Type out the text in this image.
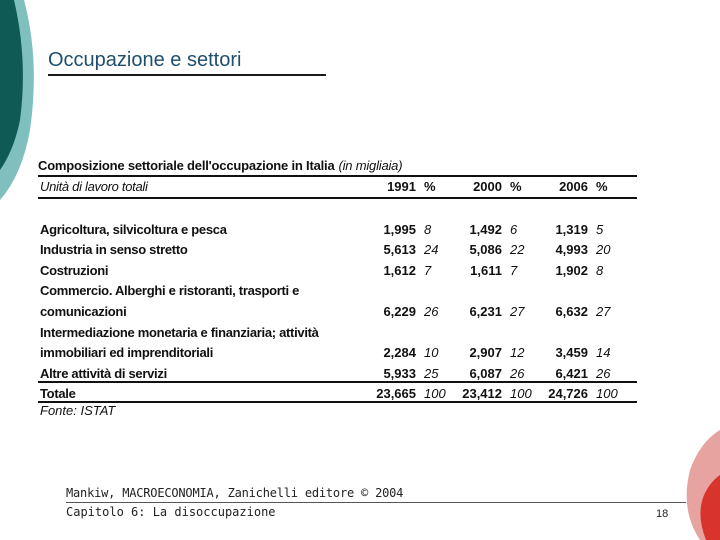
Occupazione e settori
Composizione settoriale dell'occupazione in Italia (in migliaia)
Unità di lavoro totali	1991	%	2000	%	2006	%

Agricoltura, silvicoltura e pesca	1,995	8	1,492	6	1,319	5
Industria in senso stretto	5,613	24	5,086	22	4,993	20
Costruzioni	1,612	7	1,611	7	1,902	8
Commercio. Alberghi e ristoranti, trasporti e						
comunicazioni	6,229	26	6,231	27	6,632	27
Intermediazione monetaria e finanziaria; attività						
immobiliari ed imprenditoriali	2,284	10	2,907	12	3,459	14
Altre attività di servizi	5,933	25	6,087	26	6,421	26
Totale	23,665	100	23,412	100	24,726	100
Fonte: ISTAT
Mankiw, MACROECONOMIA, Zanichelli editore © 2004
Capitolo 6: La disoccupazione	18
